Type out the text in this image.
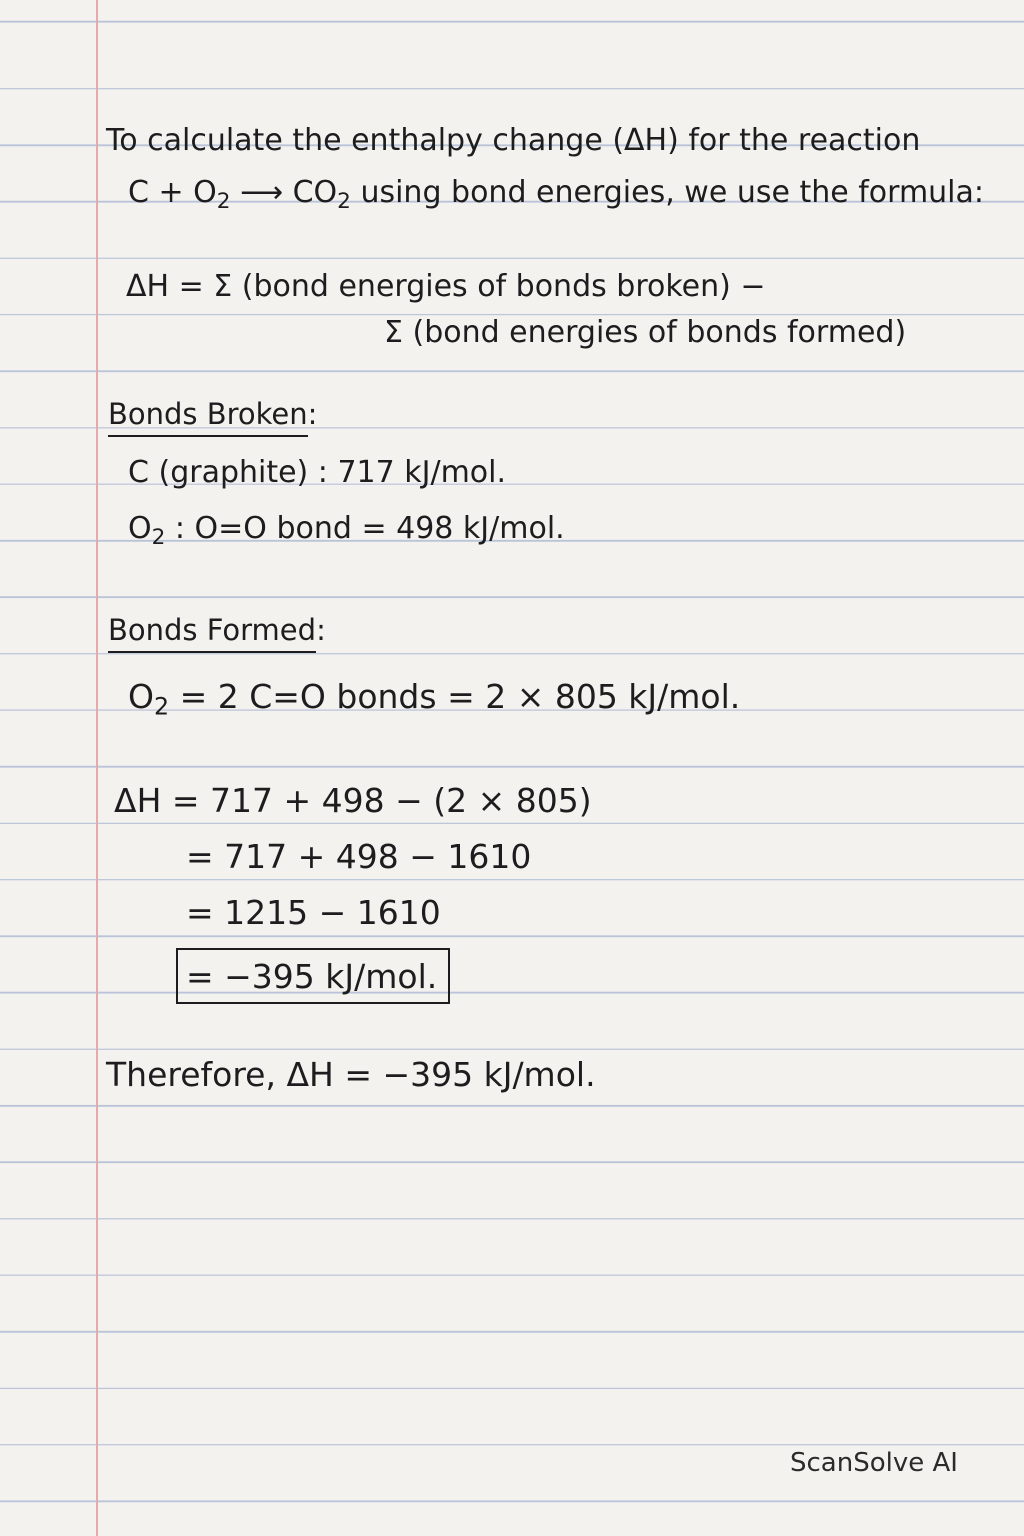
To calculate the enthalpy change (ΔH) for the reaction
$C + O_2$ ⟶ $CO_2$ using bond energies, we use the formula:
ΔH = Σ (bond energies of bonds broken) −
Σ (bond energies of bonds formed)
Bonds Broken:
C (graphite) : 717 kJ/mol.
$O_2$ : O=O bond = 498 kJ/mol.
Bonds Formed:
$O_2 = 2$ C=O bonds = 2 × 805 kJ/mol.
ΔH = 717 + 498 − (2 × 805)
= 717 + 498 − 1610
= 1215 − 1610
= −395 kJ/mol.
Therefore, ΔH = −395 kJ/mol.
ScanSolve AI
